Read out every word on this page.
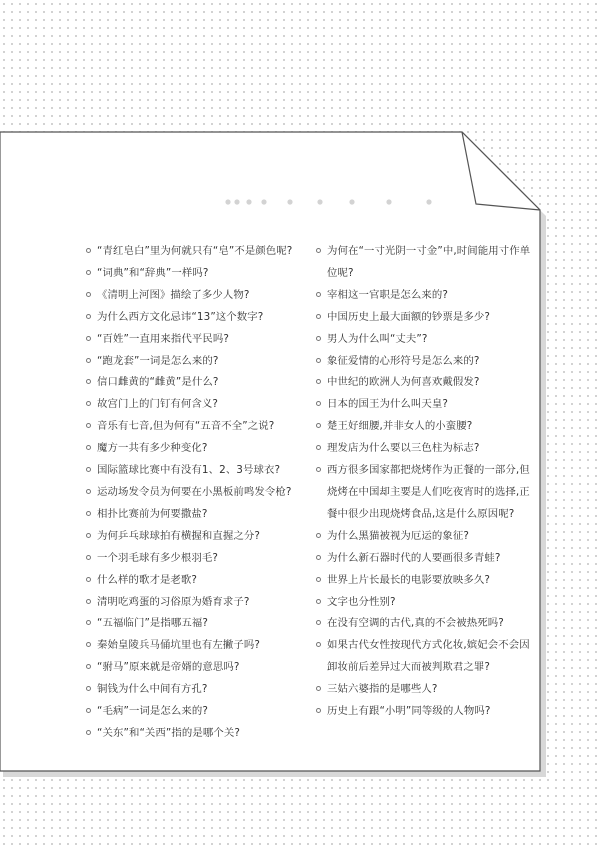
“青红皂白”里为何就只有“皂”不是颜色呢?
“词典”和“辞典”一样吗?
《清明上河图》描绘了多少人物?
为什么西方文化忌讳“13”这个数字?
“百姓”一直用来指代平民吗?
“跑龙套”一词是怎么来的?
信口雌黄的“雌黄”是什么?
故宫门上的门钉有何含义?
音乐有七音,但为何有“五音不全”之说?
魔方一共有多少种变化?
国际篮球比赛中有没有1、2、3号球衣?
运动场发令员为何要在小黑板前鸣发令枪?
相扑比赛前为何要撒盐?
为何乒乓球球拍有横握和直握之分?
一个羽毛球有多少根羽毛?
什么样的歌才是老歌?
清明吃鸡蛋的习俗原为婚育求子?
“五福临门”是指哪五福?
秦始皇陵兵马俑坑里也有左撇子吗?
“驸马”原来就是帝婿的意思吗?
铜钱为什么中间有方孔?
“毛病”一词是怎么来的?
“关东”和“关西”指的是哪个关?
为何在“一寸光阴一寸金”中,时间能用寸作单位呢?
宰相这一官职是怎么来的?
中国历史上最大面额的钞票是多少?
男人为什么叫“丈夫”?
象征爱情的心形符号是怎么来的?
中世纪的欧洲人为何喜欢戴假发?
日本的国王为什么叫天皇?
楚王好细腰,并非女人的小蛮腰?
理发店为什么要以三色柱为标志?
西方很多国家都把烧烤作为正餐的一部分,但烧烤在中国却主要是人们吃夜宵时的选择,正餐中很少出现烧烤食品,这是什么原因呢?
为什么黑猫被视为厄运的象征?
为什么新石器时代的人要画很多青蛙?
世界上片长最长的电影要放映多久?
文字也分性别?
在没有空调的古代,真的不会被热死吗?
如果古代女性按现代方式化妆,嫔妃会不会因卸妆前后差异过大而被判欺君之罪?
三姑六婆指的是哪些人?
历史上有跟“小明”同等级的人物吗?
